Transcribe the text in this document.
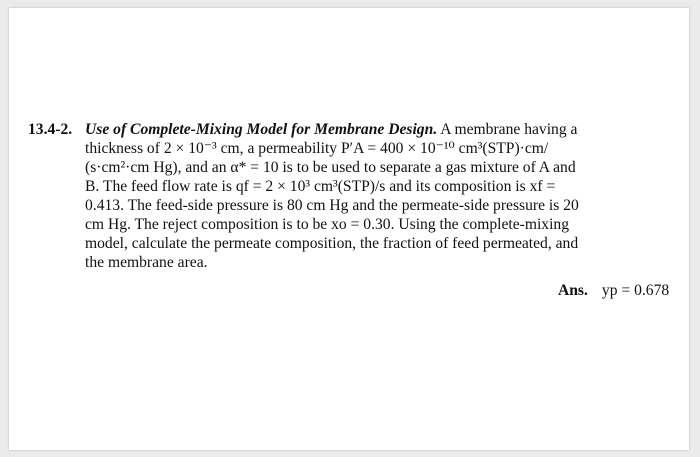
13.4-2. Use of Complete-Mixing Model for Membrane Design. A membrane having a
thickness of 2 × 10⁻³ cm, a permeability P′A = 400 × 10⁻¹⁰ cm³(STP)·cm/
(s·cm²·cm Hg), and an α* = 10 is to be used to separate a gas mixture of A and
B. The feed flow rate is qf = 2 × 10³ cm³(STP)/s and its composition is xf =
0.413. The feed-side pressure is 80 cm Hg and the permeate-side pressure is 20
cm Hg. The reject composition is to be xo = 0.30. Using the complete-mixing
model, calculate the permeate composition, the fraction of feed permeated, and
the membrane area.
Ans. yp = 0.678
